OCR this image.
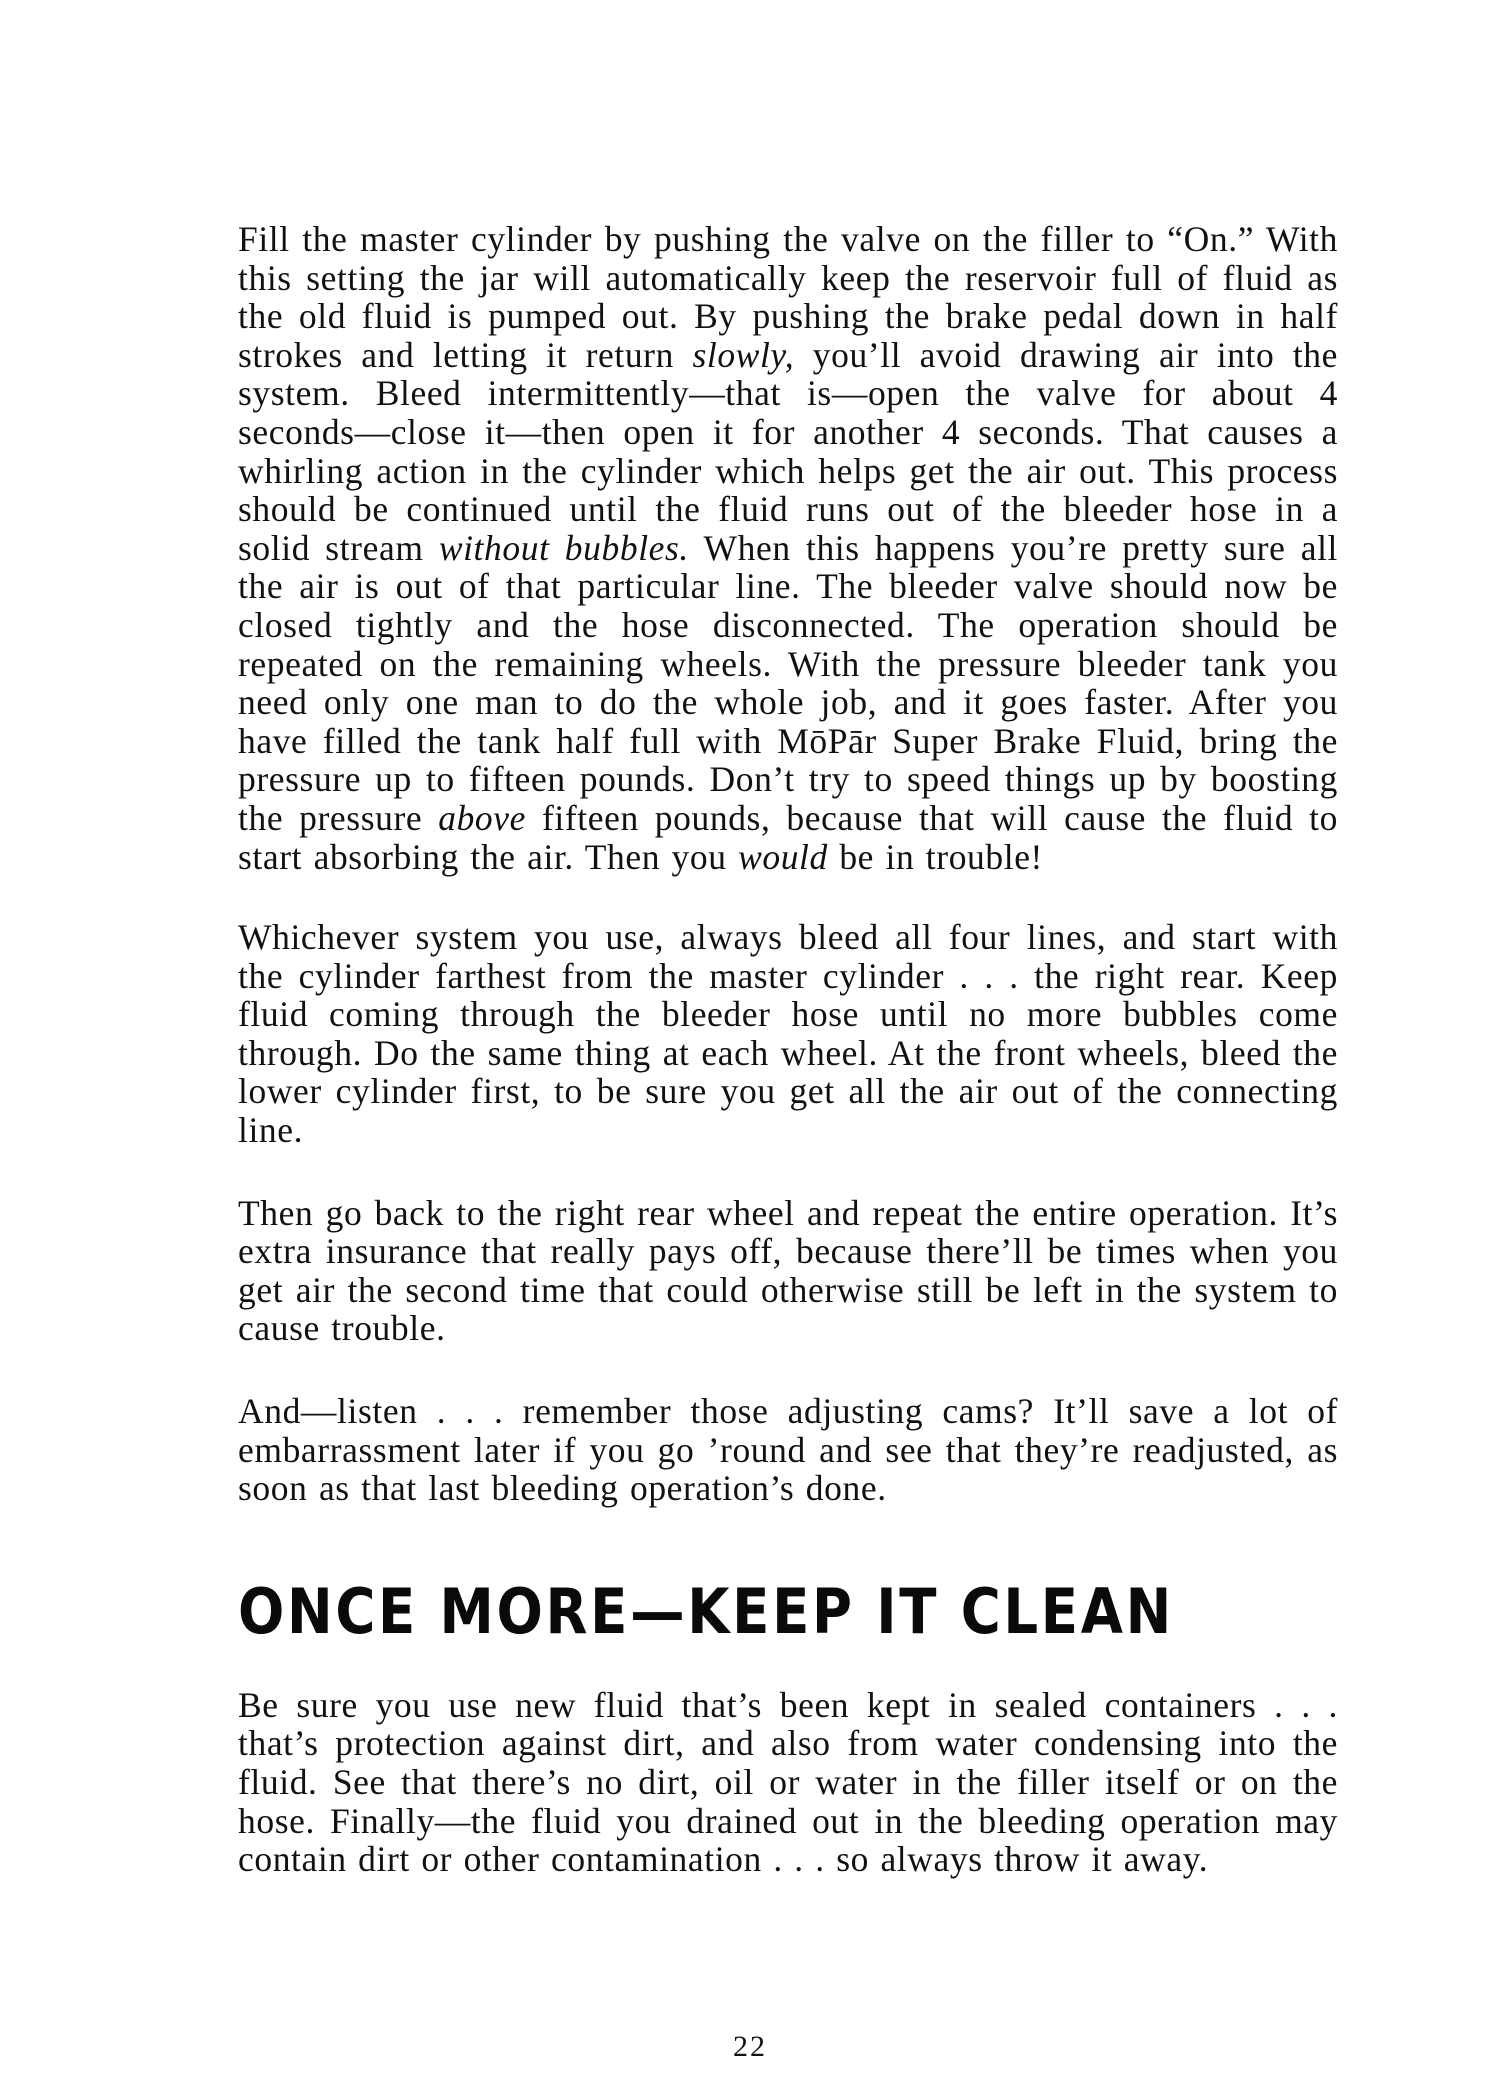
Fill the master cylinder by pushing the valve on the filler to “On.” With this setting the jar will automatically keep the reservoir full of fluid as the old fluid is pumped out. By pushing the brake pedal down in half strokes and letting it return slowly, you’ll avoid drawing air into the system. Bleed intermittently—that is—open the valve for about 4 seconds—close it—then open it for another 4 seconds. That causes a whirling action in the cylinder which helps get the air out. This process should be continued until the fluid runs out of the bleeder hose in a solid stream without bubbles. When this happens you’re pretty sure all the air is out of that particular line. The bleeder valve should now be closed tightly and the hose disconnected. The operation should be repeated on the remaining wheels. With the pressure bleeder tank you need only one man to do the whole job, and it goes faster. After you have filled the tank half full with MōPār Super Brake Fluid, bring the pressure up to fifteen pounds. Don’t try to speed things up by boosting the pressure above fifteen pounds, because that will cause the fluid to start absorbing the air. Then you would be in trouble!

Whichever system you use, always bleed all four lines, and start with the cylinder farthest from the master cylinder . . . the right rear. Keep fluid coming through the bleeder hose until no more bubbles come through. Do the same thing at each wheel. At the front wheels, bleed the lower cylinder first, to be sure you get all the air out of the connecting line.

Then go back to the right rear wheel and repeat the entire operation. It’s extra insurance that really pays off, because there’ll be times when you get air the second time that could otherwise still be left in the system to cause trouble.

And—listen . . . remember those adjusting cams? It’ll save a lot of embarrassment later if you go ’round and see that they’re readjusted, as soon as that last bleeding operation’s done.

ONCE MORE—KEEP IT CLEAN

Be sure you use new fluid that’s been kept in sealed containers . . . that’s protection against dirt, and also from water condensing into the fluid. See that there’s no dirt, oil or water in the filler itself or on the hose. Finally—the fluid you drained out in the bleeding operation may contain dirt or other contamination . . . so always throw it away.

22
